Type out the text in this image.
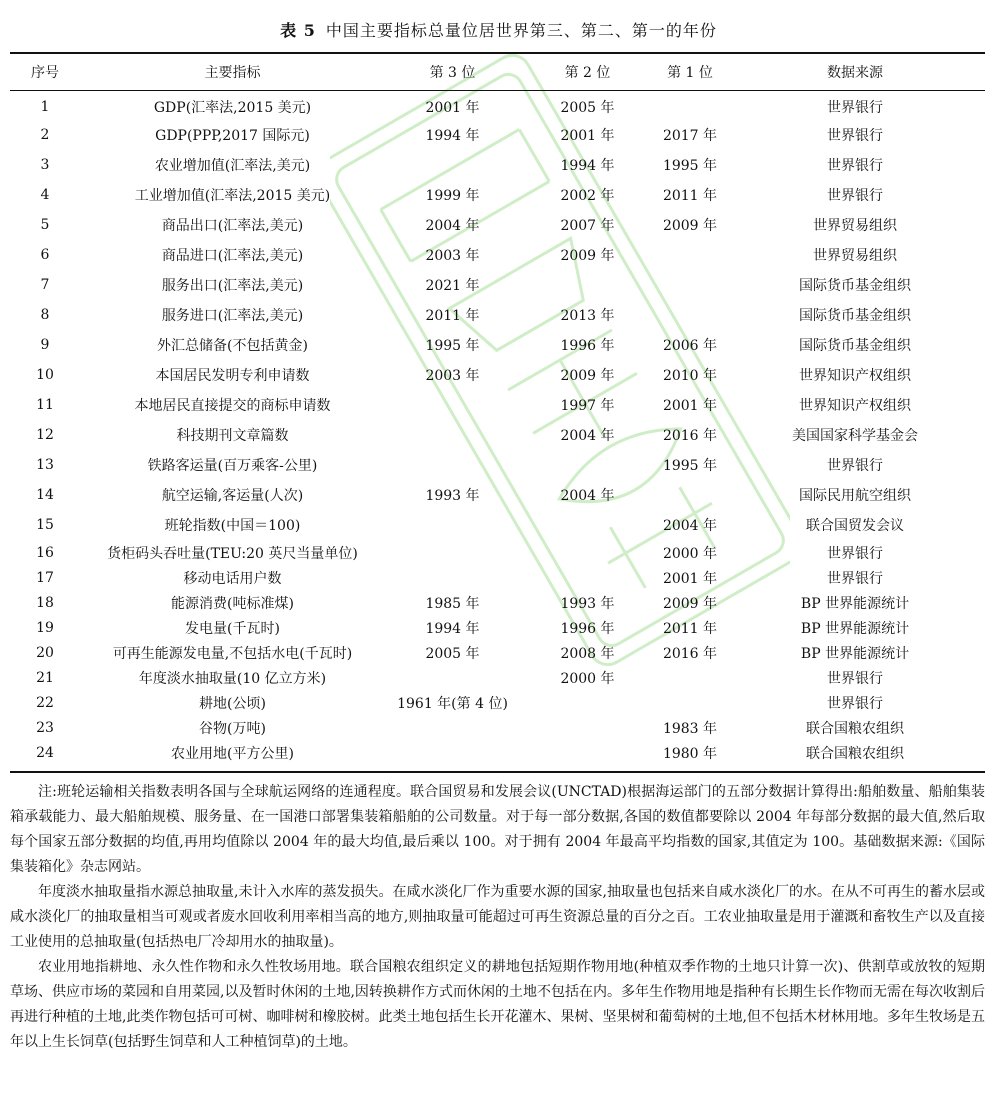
表 5 中国主要指标总量位居世界第三、第二、第一的年份
序号	主要指标	第 3 位	第 2 位	第 1 位	数据来源
1	GDP(汇率法,2015 美元)	2001 年	2005 年		世界银行
2	GDP(PPP,2017 国际元)	1994 年	2001 年	2017 年	世界银行
3	农业增加值(汇率法,美元)		1994 年	1995 年	世界银行
4	工业增加值(汇率法,2015 美元)	1999 年	2002 年	2011 年	世界银行
5	商品出口(汇率法,美元)	2004 年	2007 年	2009 年	世界贸易组织
6	商品进口(汇率法,美元)	2003 年	2009 年		世界贸易组织
7	服务出口(汇率法,美元)	2021 年			国际货币基金组织
8	服务进口(汇率法,美元)	2011 年	2013 年		国际货币基金组织
9	外汇总储备(不包括黄金)	1995 年	1996 年	2006 年	国际货币基金组织
10	本国居民发明专利申请数	2003 年	2009 年	2010 年	世界知识产权组织
11	本地居民直接提交的商标申请数		1997 年	2001 年	世界知识产权组织
12	科技期刊文章篇数		2004 年	2016 年	美国国家科学基金会
13	铁路客运量(百万乘客-公里)			1995 年	世界银行
14	航空运输,客运量(人次)	1993 年	2004 年		国际民用航空组织
15	班轮指数(中国＝100)			2004 年	联合国贸发会议
16	货柜码头吞吐量(TEU:20 英尺当量单位)			2000 年	世界银行
17	移动电话用户数			2001 年	世界银行
18	能源消费(吨标准煤)	1985 年	1993 年	2009 年	BP 世界能源统计
19	发电量(千瓦时)	1994 年	1996 年	2011 年	BP 世界能源统计
20	可再生能源发电量,不包括水电(千瓦时)	2005 年	2008 年	2016 年	BP 世界能源统计
21	年度淡水抽取量(10 亿立方米)		2000 年		世界银行
22	耕地(公顷)	1961 年(第 4 位)			世界银行
23	谷物(万吨)			1983 年	联合国粮农组织
24	农业用地(平方公里)			1980 年	联合国粮农组织

注:班轮运输相关指数表明各国与全球航运网络的连通程度。联合国贸易和发展会议(UNCTAD)根据海运部门的五部分数据计算得出:船舶数量、船舶集装箱承载能力、最大船舶规模、服务量、在一国港口部署集装箱船舶的公司数量。对于每一部分数据,各国的数值都要除以 2004 年每部分数据的最大值,然后取每个国家五部分数据的均值,再用均值除以 2004 年的最大均值,最后乘以 100。对于拥有 2004 年最高平均指数的国家,其值定为 100。基础数据来源:《国际集装箱化》杂志网站。

年度淡水抽取量指水源总抽取量,未计入水库的蒸发损失。在咸水淡化厂作为重要水源的国家,抽取量也包括来自咸水淡化厂的水。在从不可再生的蓄水层或咸水淡化厂的抽取量相当可观或者废水回收利用率相当高的地方,则抽取量可能超过可再生资源总量的百分之百。工农业抽取量是用于灌溉和畜牧生产以及直接工业使用的总抽取量(包括热电厂冷却用水的抽取量)。

农业用地指耕地、永久性作物和永久性牧场用地。联合国粮农组织定义的耕地包括短期作物用地(种植双季作物的土地只计算一次)、供割草或放牧的短期草场、供应市场的菜园和自用菜园,以及暂时休闲的土地,因转换耕作方式而休闲的土地不包括在内。多年生作物用地是指种有长期生长作物而无需在每次收割后再进行种植的土地,此类作物包括可可树、咖啡树和橡胶树。此类土地包括生长开花灌木、果树、坚果树和葡萄树的土地,但不包括木材林用地。多年生牧场是五年以上生长饲草(包括野生饲草和人工种植饲草)的土地。
